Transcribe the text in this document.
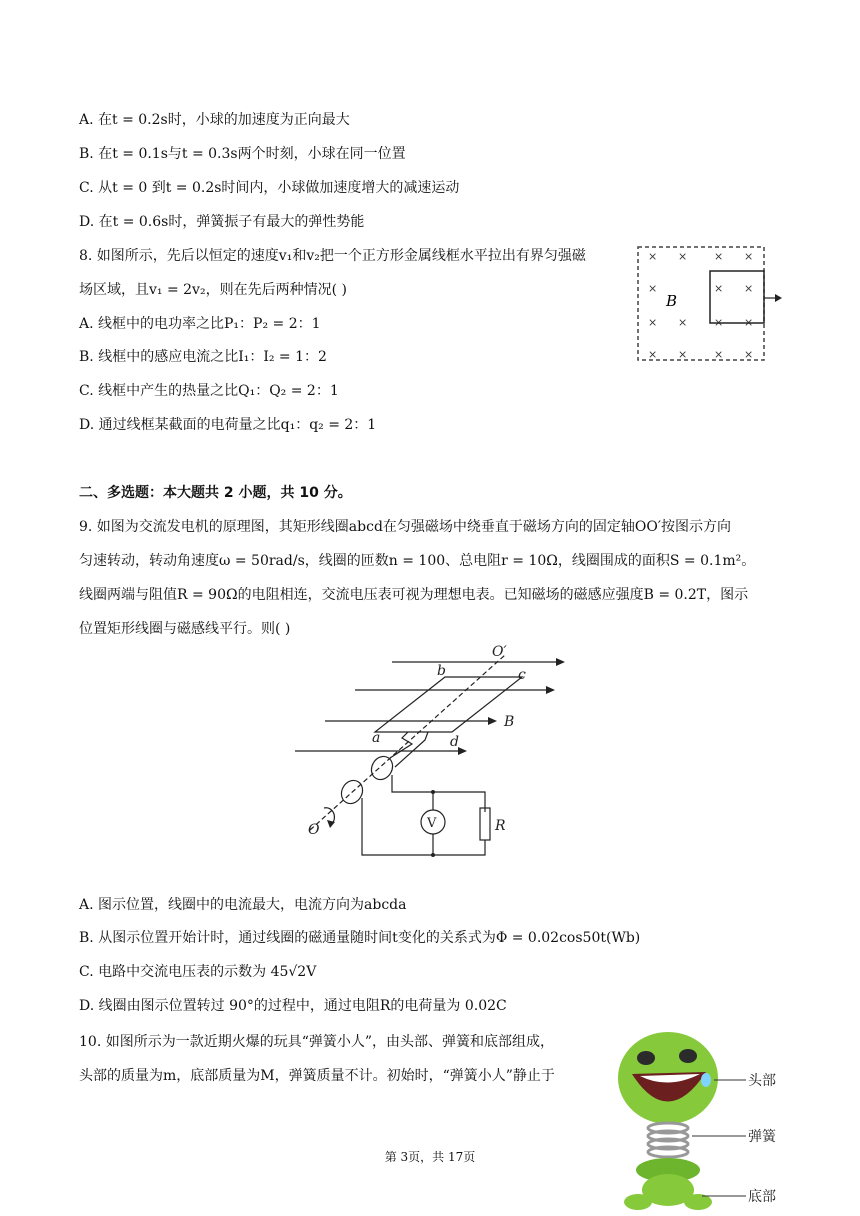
A. 在t = 0.2s时，小球的加速度为正向最大
B. 在t = 0.1s与t = 0.3s两个时刻，小球在同一位置
C. 从t = 0 到t = 0.2s时间内，小球做加速度增大的减速运动
D. 在t = 0.6s时，弹簧振子有最大的弹性势能
8. 如图所示，先后以恒定的速度v₁和v₂把一个正方形金属线框水平拉出有界匀强磁
场区域，且v₁ = 2v₂，则在先后两种情况( )
A. 线框中的电功率之比P₁：P₂ = 2：1
B. 线框中的感应电流之比I₁：I₂ = 1：2
C. 线框中产生的热量之比Q₁：Q₂ = 2：1
D. 通过线框某截面的电荷量之比q₁：q₂ = 2：1
× × × ×
×	× ×
× × × ×
× × × ×
B
二、多选题：本大题共 2 小题，共 10 分。
9. 如图为交流发电机的原理图，其矩形线圈abcd在匀强磁场中绕垂直于磁场方向的固定轴OO′按图示方向
匀速转动，转动角速度ω = 50rad/s，线圈的匝数n = 100、总电阻r = 10Ω，线圈围成的面积S = 0.1m²。
线圈两端与阻值R = 90Ω的电阻相连，交流电压表可视为理想电表。已知磁场的磁感应强度B = 0.2T，图示
位置矩形线圈与磁感线平行。则( )
O′
b	c
B
a	d
R
O	V
A. 图示位置，线圈中的电流最大，电流方向为abcda
B. 从图示位置开始计时，通过线圈的磁通量随时间t变化的关系式为Φ = 0.02cos50t(Wb)
C. 电路中交流电压表的示数为 45√2V
D. 线圈由图示位置转过 90°的过程中，通过电阻R的电荷量为 0.02C
10. 如图所示为一款近期火爆的玩具“弹簧小人”，由头部、弹簧和底部组成，
头部的质量为m，底部质量为M，弹簧质量不计。初始时，“弹簧小人”静止于	头部
弹簧
底部
第 3页，共 17页
